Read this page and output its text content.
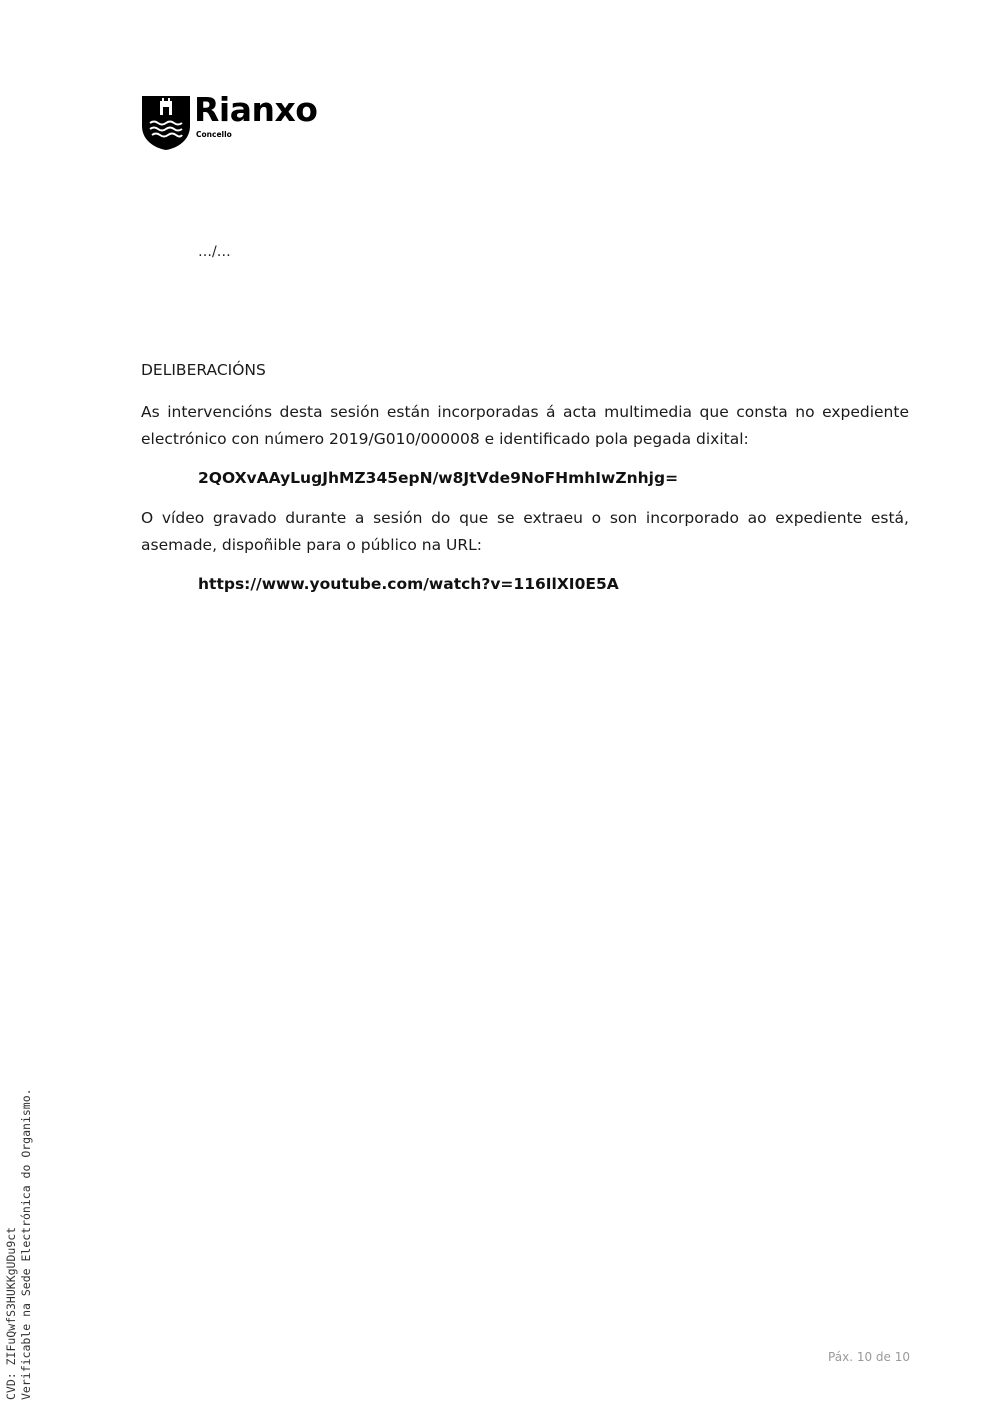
Rianxo
Concello
…/…
DELIBERACIÓNS
As intervencións desta sesión están incorporadas á acta multimedia que consta no expediente electrónico con número 2019/G010/000008 e identificado pola pegada dixital:
2QOXvAAyLugJhMZ345epN/w8JtVde9NoFHmhIwZnhjg=
O vídeo gravado durante a sesión do que se extraeu o son incorporado ao expediente está, asemade, dispoñible para o público na URL:
https://www.youtube.com/watch?v=116IlXI0E5A
Páx. 10 de 10
CVD: ZIFuQwfS3HUKKgUDu9ct Verificable na Sede Electrónica do Organismo.
